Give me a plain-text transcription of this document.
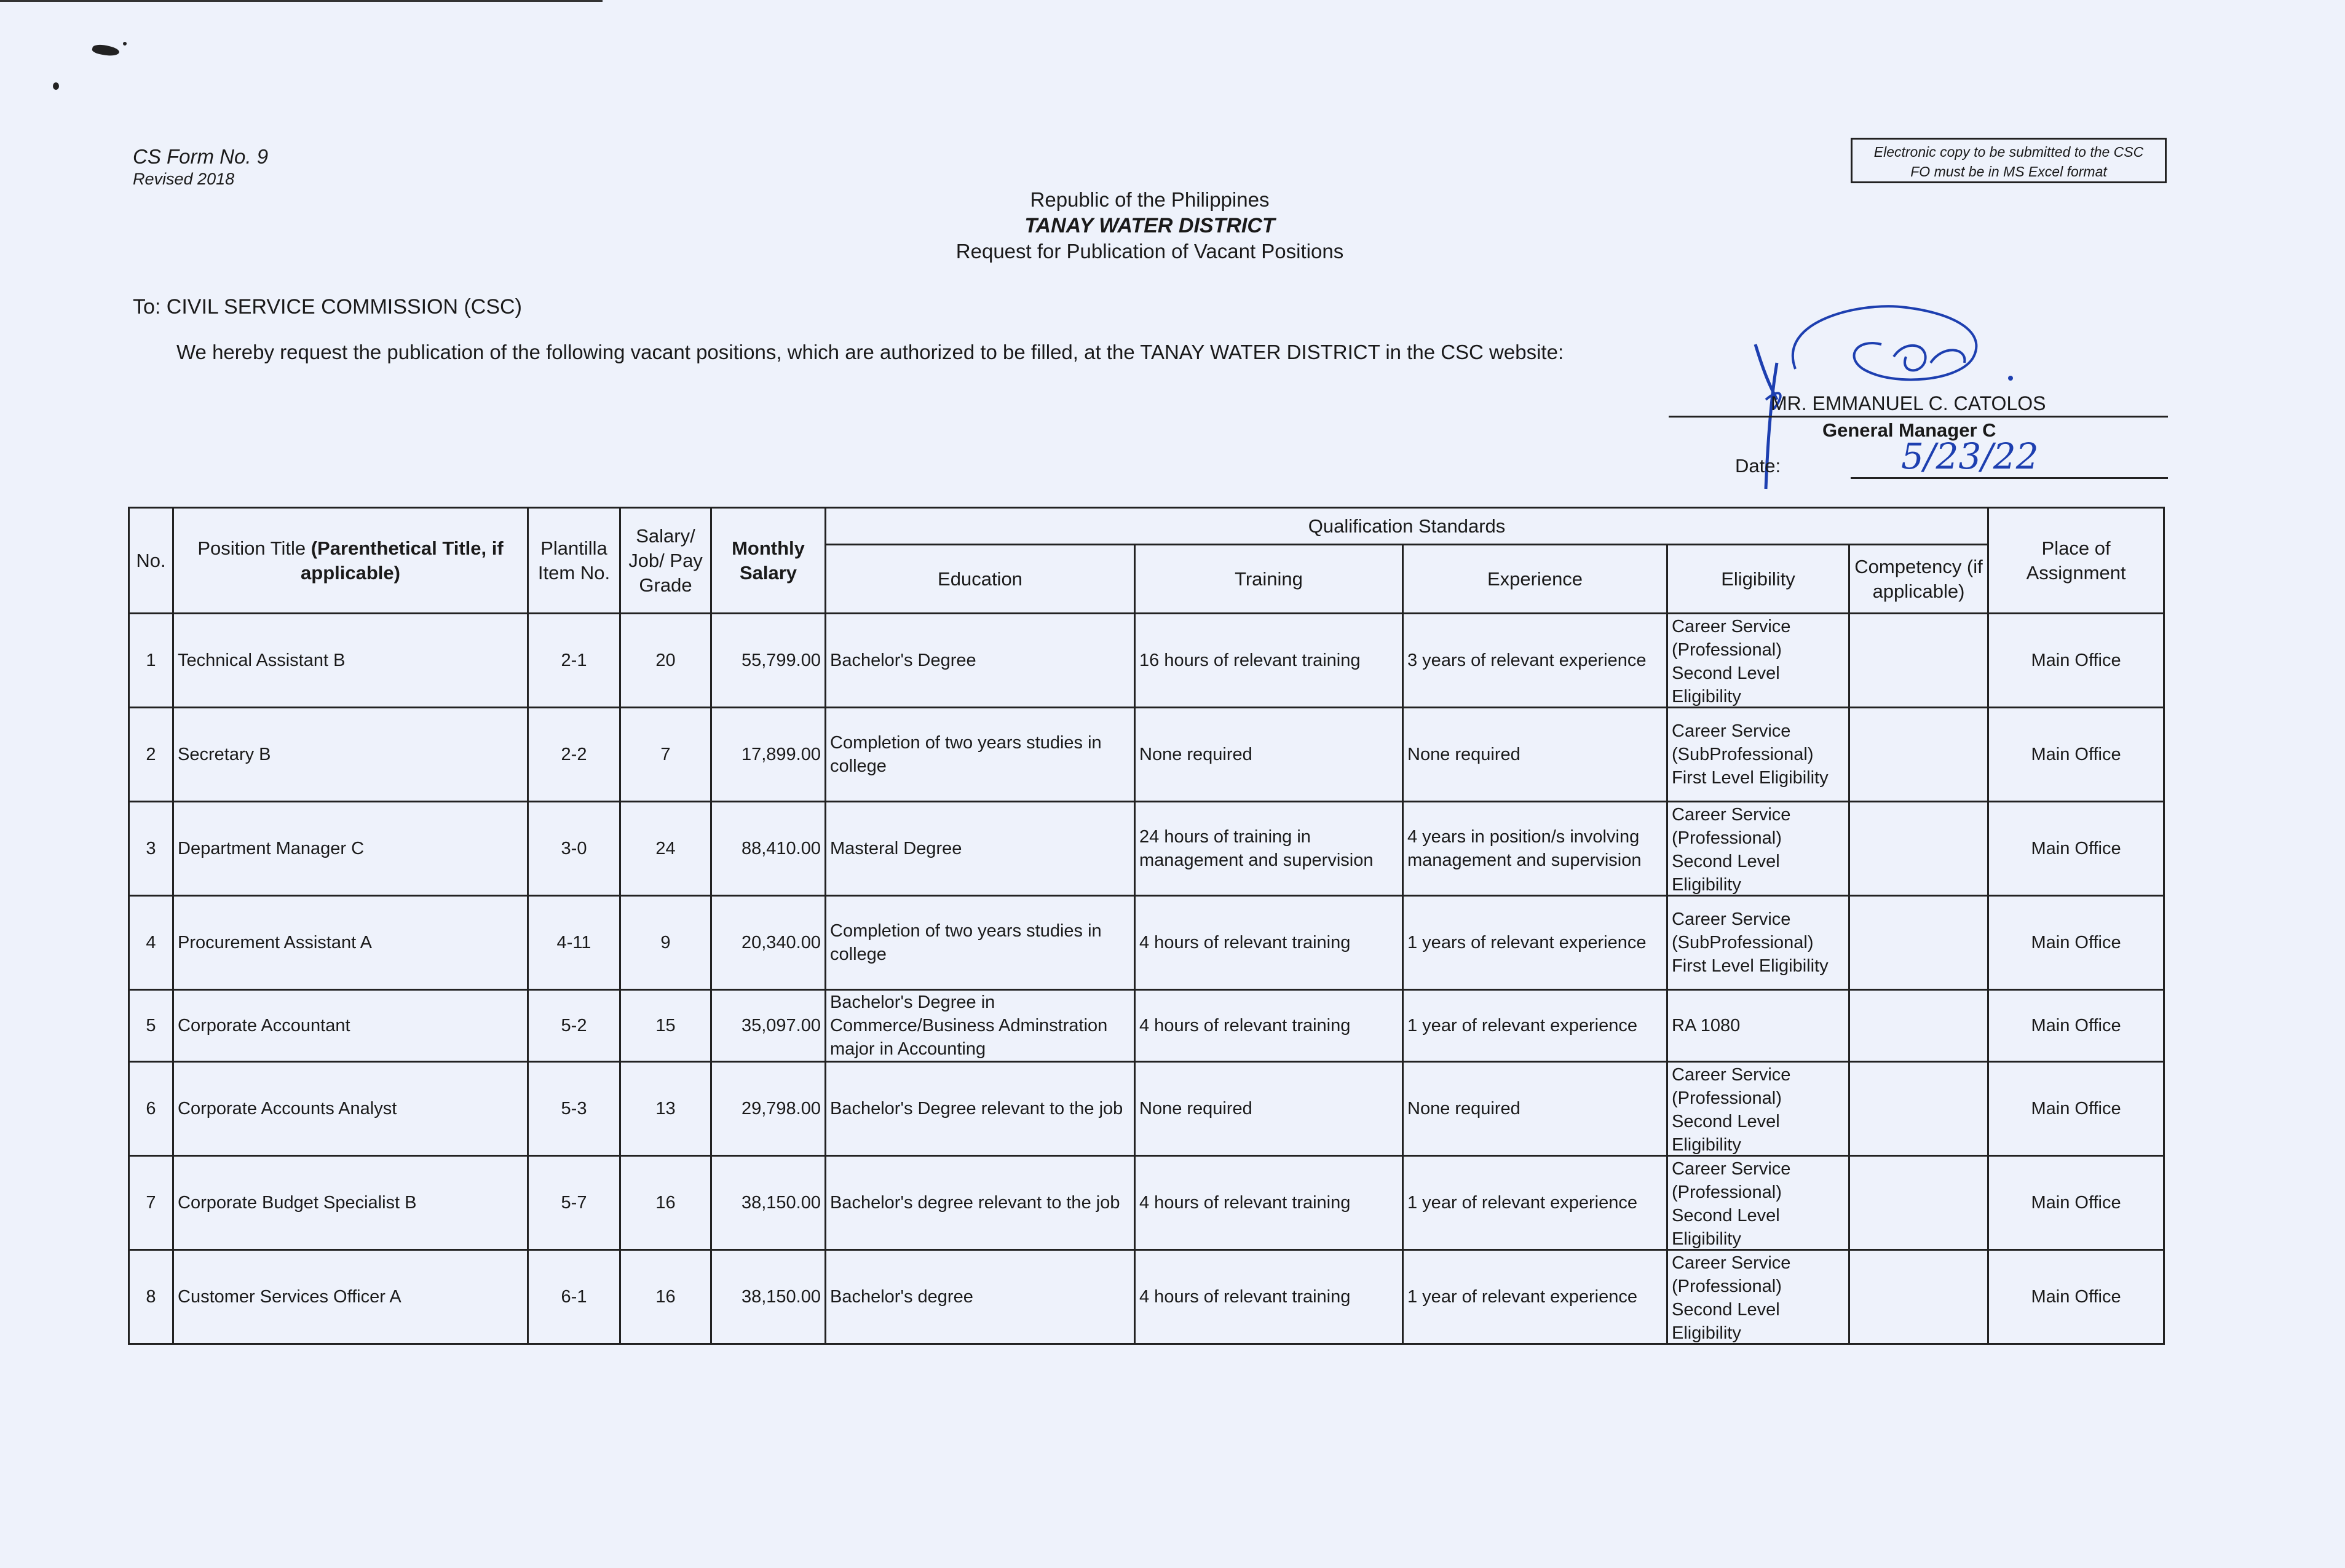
CS Form No. 9
Revised 2018
Electronic copy to be submitted to the CSC
FO must be in MS Excel format
Republic of the Philippines
TANAY WATER DISTRICT
Request for Publication of Vacant Positions
To: CIVIL SERVICE COMMISSION (CSC)
We hereby request the publication of the following vacant positions, which are authorized to be filled, at the TANAY WATER DISTRICT in the CSC website:
MR. EMMANUEL C. CATOLOS
General Manager C
Date:	5/23/22
No.	Position Title (Parenthetical Title, if applicable)	Plantilla Item No.	Salary/ Job/ Pay Grade	Monthly Salary	Qualification Standards					Place of Assignment
					Education	Training	Experience	Eligibility	Competency (if applicable)	
1	Technical Assistant B	2-1	20	55,799.00	Bachelor's Degree	16 hours of relevant training	3 years of relevant experience	Career Service (Professional) Second Level Eligibility		Main Office
2	Secretary B	2-2	7	17,899.00	Completion of two years studies in college	None required	None required	Career Service (SubProfessional) First Level Eligibility		Main Office
3	Department Manager C	3-0	24	88,410.00	Masteral Degree	24 hours of training in management and supervision	4 years in position/s involving management and supervision	Career Service (Professional) Second Level Eligibility		Main Office
4	Procurement Assistant A	4-11	9	20,340.00	Completion of two years studies in college	4 hours of relevant training	1 years of relevant experience	Career Service (SubProfessional) First Level Eligibility		Main Office
5	Corporate Accountant	5-2	15	35,097.00	Bachelor's Degree in Commerce/Business Adminstration major in Accounting	4 hours of relevant training	1 year of relevant experience	RA 1080		Main Office
6	Corporate Accounts Analyst	5-3	13	29,798.00	Bachelor's Degree relevant to the job	None required	None required	Career Service (Professional) Second Level Eligibility		Main Office
7	Corporate Budget Specialist B	5-7	16	38,150.00	Bachelor's degree relevant to the job	4 hours of relevant training	1 year of relevant experience	Career Service (Professional) Second Level Eligibility		Main Office
8	Customer Services Officer A	6-1	16	38,150.00	Bachelor's degree	4 hours of relevant training	1 year of relevant experience	Career Service (Professional) Second Level Eligibility		Main Office
